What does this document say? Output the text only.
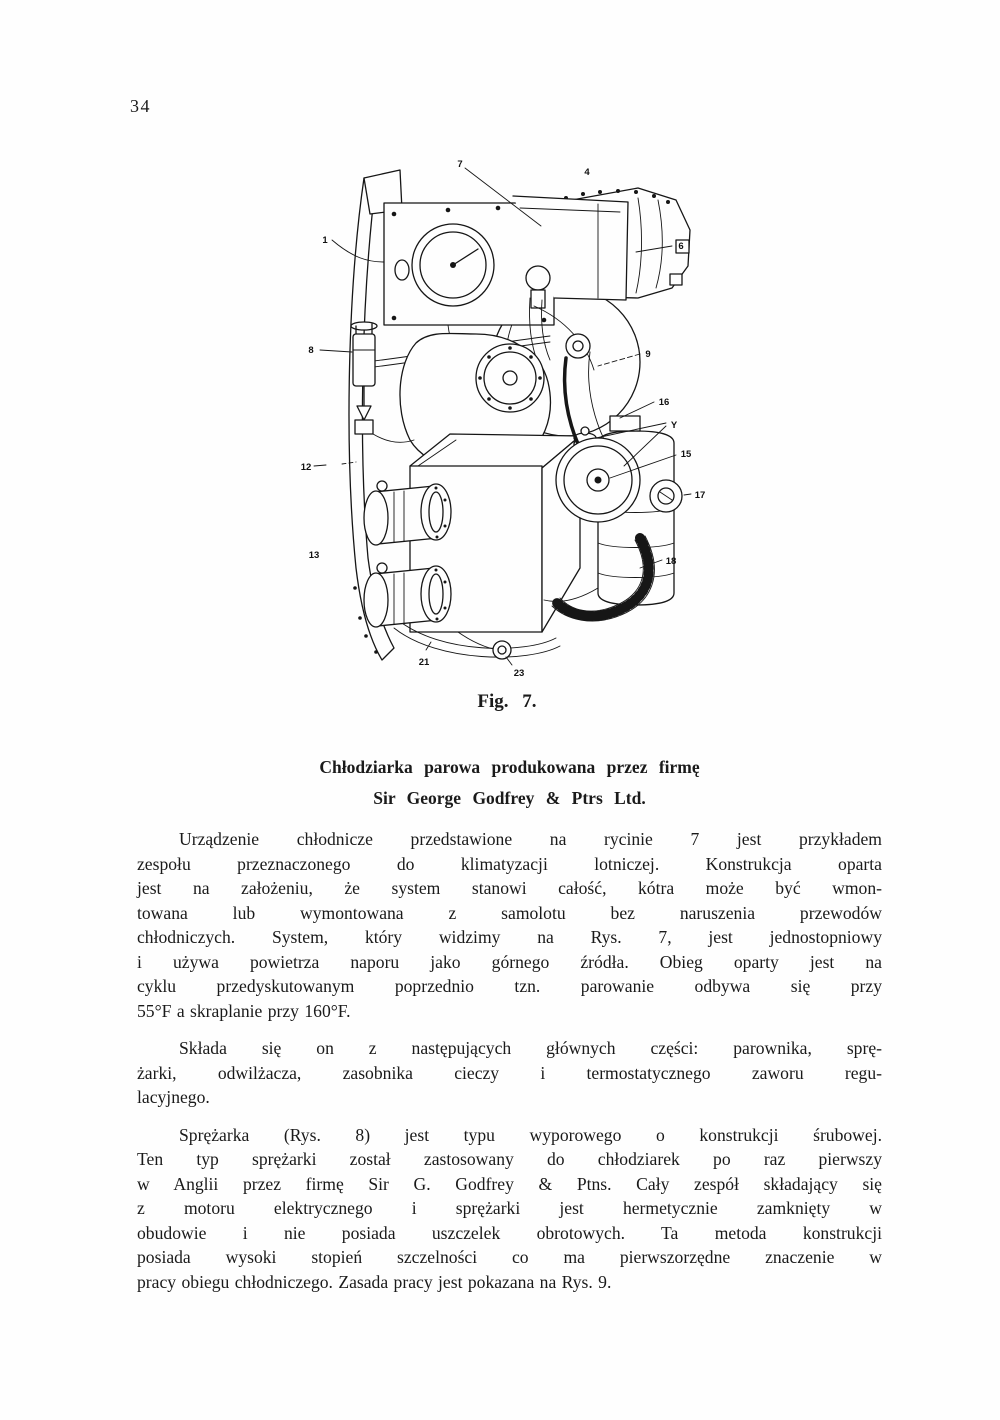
34
1
4
6
7
8	9
16
Y
12
13
15
17
18
21
23
Fig. 7.
Chłodziarka parowa produkowana przez firmę
Sir George Godfrey & Ptrs Ltd.
Urządzenie chłodnicze przedstawione na rycinie 7 jest przykładem
zespołu przeznaczonego do klimatyzacji lotniczej. Konstrukcja oparta
jest na założeniu, że system stanowi całość, kótra może być wmon-
towana lub wymontowana z samolotu bez naruszenia przewodów
chłodniczych. System, który widzimy na Rys. 7, jest jednostopniowy
i używa powietrza naporu jako górnego źródła. Obieg oparty jest na
cyklu przedyskutowanym poprzednio tzn. parowanie odbywa się przy
55°F a skraplanie przy 160°F.
Składa się on z następujących głównych części: parownika, sprę-
żarki, odwilżacza, zasobnika cieczy i termostatycznego zaworu regu-
lacyjnego.
Sprężarka (Rys. 8) jest typu wyporowego o konstrukcji śrubowej.
Ten typ sprężarki został zastosowany do chłodziarek po raz pierwszy
w Anglii przez firmę Sir G. Godfrey & Ptns. Cały zespół składający się
z motoru elektrycznego i sprężarki jest hermetycznie zamknięty w
obudowie i nie posiada uszczelek obrotowych. Ta metoda konstrukcji
posiada wysoki stopień szczelności co ma pierwszorzędne znaczenie w
pracy obiegu chłodniczego. Zasada pracy jest pokazana na Rys. 9.
